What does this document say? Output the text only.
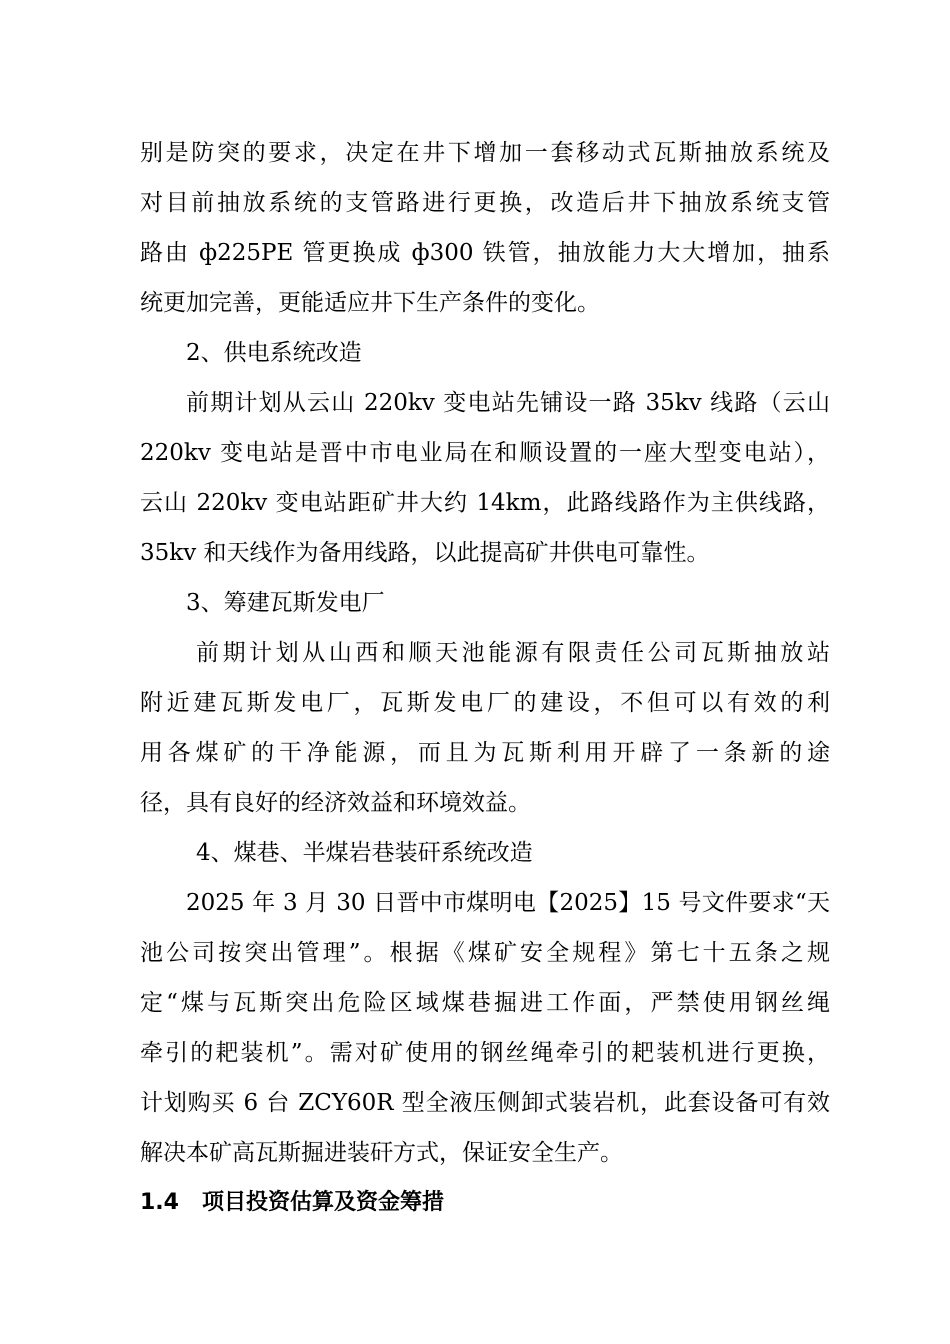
别是防突的要求，决定在井下增加一套移动式瓦斯抽放系统及
对目前抽放系统的支管路进行更换，改造后井下抽放系统支管
路由 ф225PE 管更换成 ф300 铁管，抽放能力大大增加，抽系
统更加完善，更能适应井下生产条件的变化。
2、供电系统改造
前期计划从云山 220kv 变电站先铺设一路 35kv 线路（云山
220kv 变电站是晋中市电业局在和顺设置的一座大型变电站），
云山 220kv 变电站距矿井大约 14km，此路线路作为主供线路，
35kv 和天线作为备用线路，以此提高矿井供电可靠性。
3、筹建瓦斯发电厂
前期计划从山西和顺天池能源有限责任公司瓦斯抽放站
附近建瓦斯发电厂，瓦斯发电厂的建设，不但可以有效的利
用各煤矿的干净能源，而且为瓦斯利用开辟了一条新的途
径，具有良好的经济效益和环境效益。
4、煤巷、半煤岩巷装矸系统改造
2025 年 3 月 30 日晋中市煤明电【2025】15 号文件要求“天
池公司按突出管理”。根据《煤矿安全规程》第七十五条之规
定“煤与瓦斯突出危险区域煤巷掘进工作面，严禁使用钢丝绳
牵引的耙装机”。需对矿使用的钢丝绳牵引的耙装机进行更换，
计划购买 6 台 ZCY60R 型全液压侧卸式装岩机，此套设备可有效
解决本矿高瓦斯掘进装矸方式，保证安全生产。
1.4 项目投资估算及资金筹措
